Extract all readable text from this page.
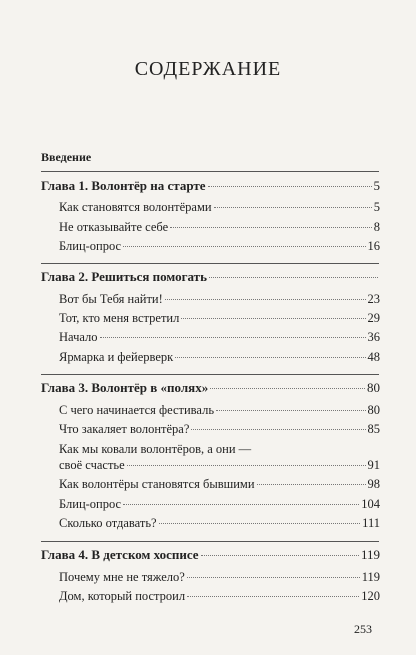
СОДЕРЖАНИЕ
Введение
Глава 1. Волонтёр на старте	5
Как становятся волонтёрами	5
Не отказывайте себе	8
Блиц-опрос	16
Глава 2. Решиться помогать
Вот бы Тебя найти!	23
Тот, кто меня встретил	29
Начало	36
Ярмарка и фейерверк	48
Глава 3. Волонтёр в «полях»	80
С чего начинается фестиваль	80
Что закаляет волонтёра?	85
Как мы ковали волонтёров, а они —
своё счастье	91
Как волонтёры становятся бывшими	98
Блиц-опрос	104
Сколько отдавать?	111
Глава 4. В детском хосписе	119
Почему мне не тяжело?	119
Дом, который построил	120
253
